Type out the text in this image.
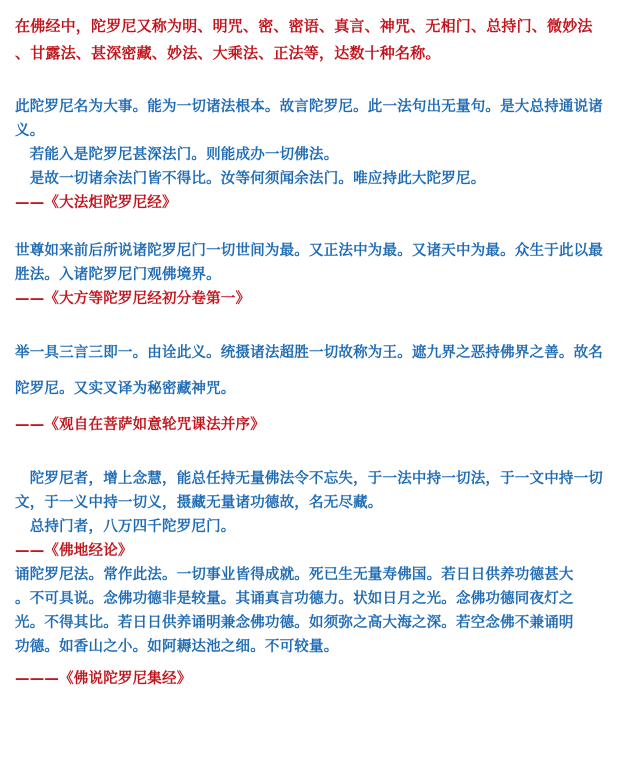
在佛经中，陀罗尼又称为明、明咒、密、密语、真言、神咒、无相门、总持门、微妙法
、甘露法、甚深密藏、妙法、大乘法、正法等，达数十种名称。
此陀罗尼名为大事。能为一切诸法根本。故言陀罗尼。此一法句出无量句。是大总持通说诸
义。
　若能入是陀罗尼甚深法门。则能成办一切佛法。
　是故一切诸余法门皆不得比。汝等何须闻余法门。唯应持此大陀罗尼。
——《大法炬陀罗尼经》
世尊如来前后所说诸陀罗尼门一切世间为最。又正法中为最。又诸天中为最。众生于此以最
胜法。入诸陀罗尼门观佛境界。
——《大方等陀罗尼经初分卷第一》
举一具三言三即一。由诠此义。统摄诸法超胜一切故称为王。遮九界之恶持佛界之善。故名
陀罗尼。又实叉译为秘密藏神咒。
——《观自在菩萨如意轮咒课法并序》
　陀罗尼者，增上念慧，能总任持无量佛法令不忘失，于一法中持一切法，于一文中持一切
文，于一义中持一切义，摄藏无量诸功德故，名无尽藏。
　总持门者，八万四千陀罗尼门。
——《佛地经论》
诵陀罗尼法。常作此法。一切事业皆得成就。死已生无量寿佛国。若日日供养功德甚大
。不可具说。念佛功德非是较量。其诵真言功德力。状如日月之光。念佛功德同夜灯之
光。不得其比。若日日供养诵明兼念佛功德。如须弥之高大海之深。若空念佛不兼诵明
功德。如香山之小。如阿耨达池之细。不可较量。
———《佛说陀罗尼集经》
